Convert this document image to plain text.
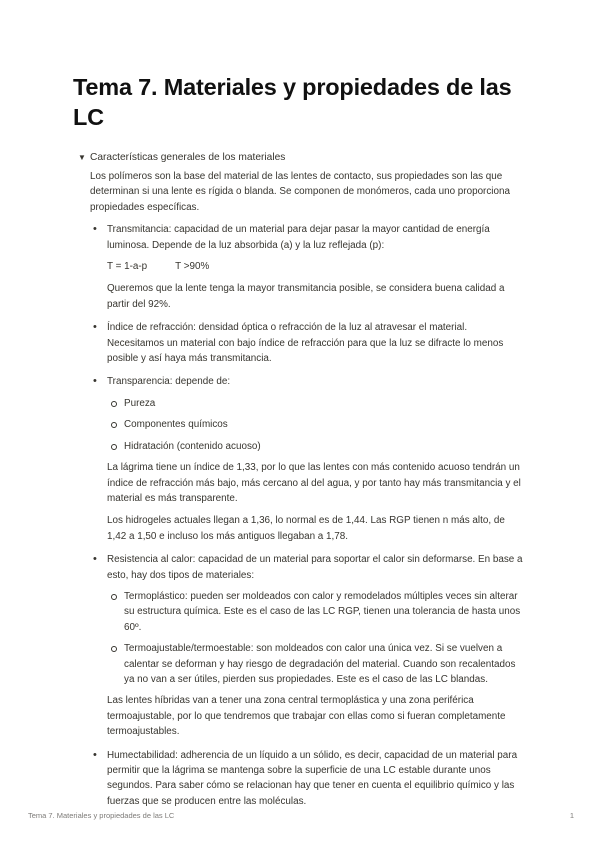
Tema 7. Materiales y propiedades de las LC
▼ Características generales de los materiales

Los polímeros son la base del material de las lentes de contacto, sus propiedades son las que determinan si una lente es rígida o blanda. Se componen de monómeros, cada uno proporciona propiedades específicas.

• Transmitancia: capacidad de un material para dejar pasar la mayor cantidad de energía luminosa. Depende de la luz absorbida (a) y la luz reflejada (p):

T = 1-a-p	T >90%

Queremos que la lente tenga la mayor transmitancia posible, se considera buena calidad a partir del 92%.

• Índice de refracción: densidad óptica o refracción de la luz al atravesar el material. Necesitamos un material con bajo índice de refracción para que la luz se difracte lo menos posible y así haya más transmitancia.

• Transparencia: depende de:

Pureza
Componentes químicos
Hidratación (contenido acuoso)

La lágrima tiene un índice de 1,33, por lo que las lentes con más contenido acuoso tendrán un índice de refracción más bajo, más cercano al del agua, y por tanto hay más transmitancia y el material es más transparente.

Los hidrogeles actuales llegan a 1,36, lo normal es de 1,44. Las RGP tienen n más alto, de 1,42 a 1,50 e incluso los más antiguos llegaban a 1,78.

• Resistencia al calor: capacidad de un material para soportar el calor sin deformarse. En base a esto, hay dos tipos de materiales:

Termoplástico: pueden ser moldeados con calor y remodelados múltiples veces sin alterar su estructura química. Este es el caso de las LC RGP, tienen una tolerancia de hasta unos 60º.
Termoajustable/termoestable: son moldeados con calor una única vez. Si se vuelven a calentar se deforman y hay riesgo de degradación del material. Cuando son recalentados ya no van a ser útiles, pierden sus propiedades. Este es el caso de las LC blandas.

Las lentes híbridas van a tener una zona central termoplástica y una zona periférica termoajustable, por lo que tendremos que trabajar con ellas como si fueran completamente termoajustables.

• Humectabilidad: adherencia de un líquido a un sólido, es decir, capacidad de un material para permitir que la lágrima se mantenga sobre la superficie de una LC estable durante unos segundos. Para saber cómo se relacionan hay que tener en cuenta el equilibrio químico y las fuerzas que se producen entre las moléculas.

Tema 7. Materiales y propiedades de las LC	1
